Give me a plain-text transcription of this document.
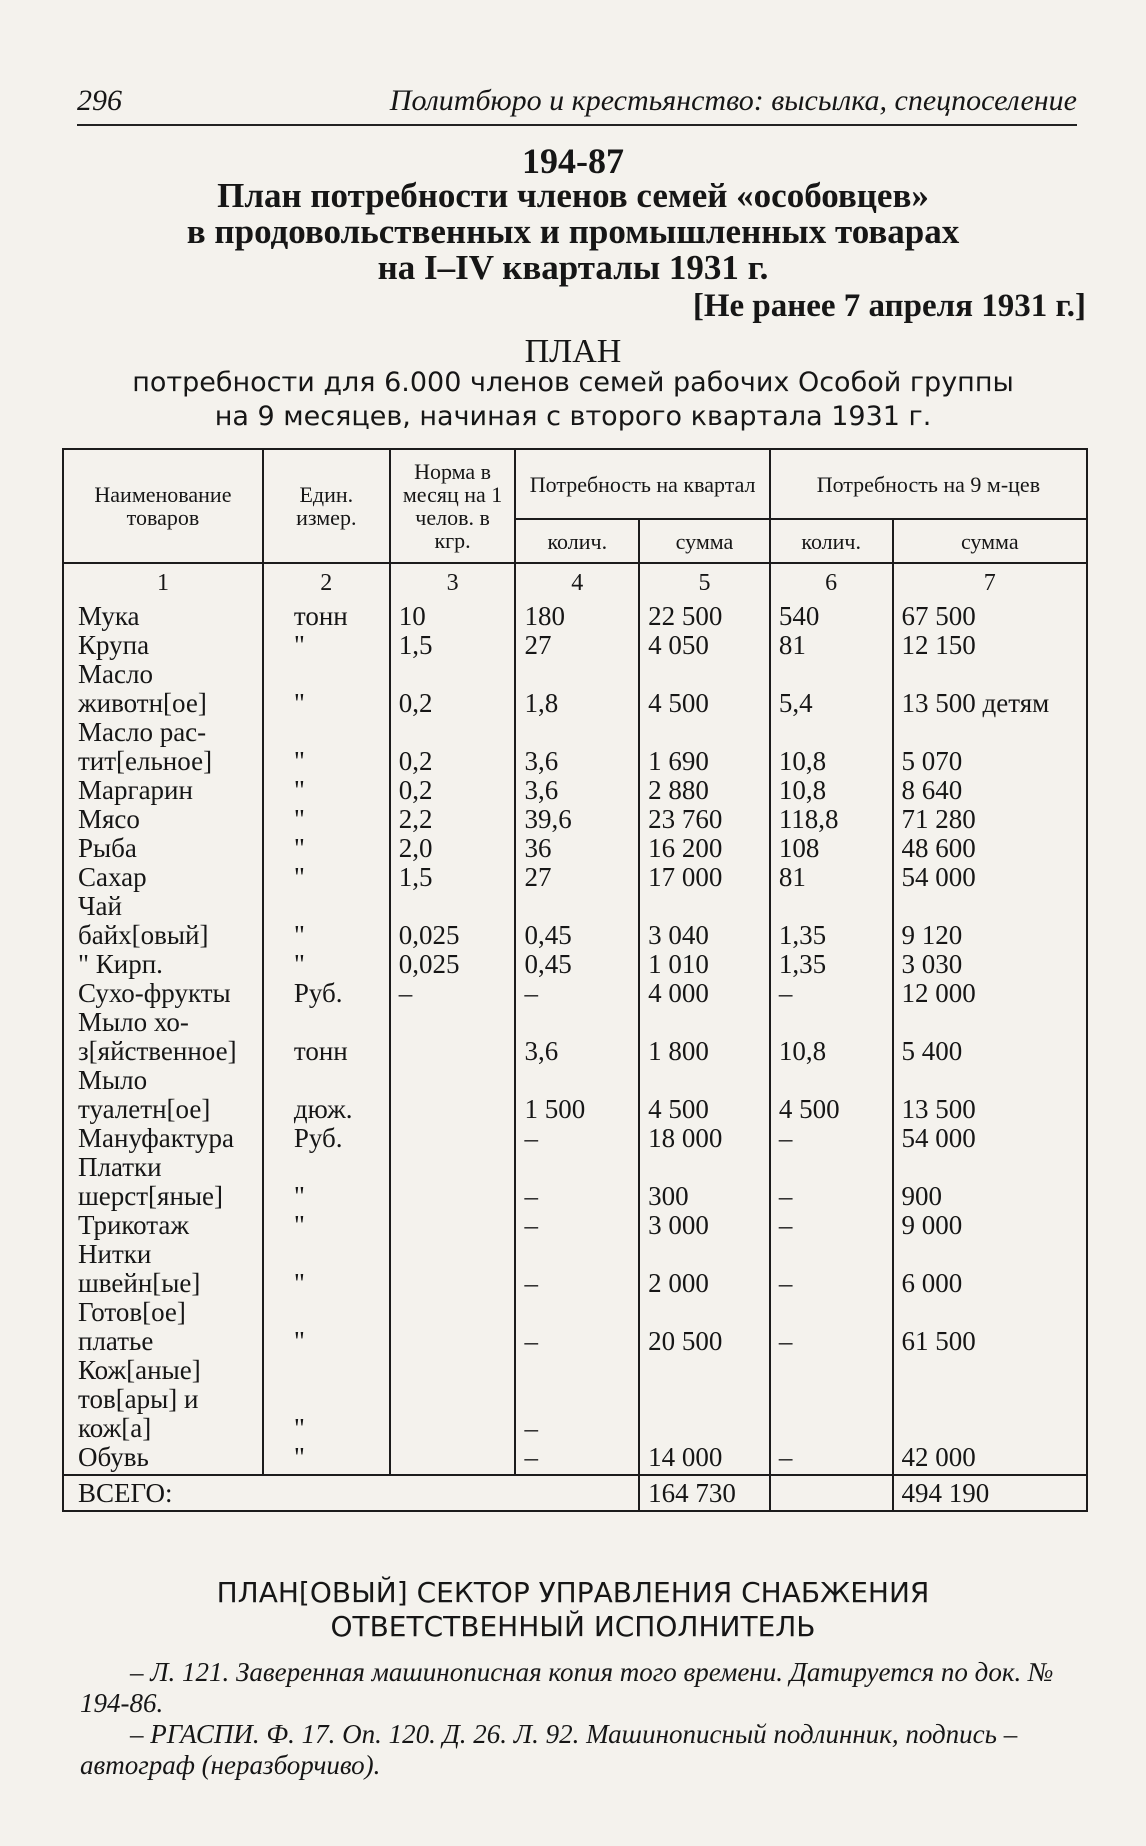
296	Политбюро и крестьянство: высылка, спецпоселение
194-87
План потребности членов семей «особовцев»
в продовольственных и промышленных товарах
на I–IV кварталы 1931 г.
[Не ранее 7 апреля 1931 г.]
ПЛАН
потребности для 6.000 членов семей рабочих Особой группы
на 9 месяцев, начиная с второго квартала 1931 г.
Наименование товаров	Един. измер.	Норма в месяц на 1 челов. в кгр.	Потребность на квартал		Потребность на 9 м-цев	
			колич.	сумма	колич.	сумма
1	2	3	4	5	6	7
Мука	тонн	10	180	22 500	540	67 500
Крупа	"	1,5	27	4 050	81	12 150
Масло животн[ое]	"	0,2	1,8	4 500	5,4	13 500 детям
Масло рас-тит[ельное]	"	0,2	3,6	1 690	10,8	5 070
Маргарин	"	0,2	3,6	2 880	10,8	8 640
Мясо	"	2,2	39,6	23 760	118,8	71 280
Рыба	"	2,0	36	16 200	108	48 600
Сахар	"	1,5	27	17 000	81	54 000
Чай байх[овый]	"	0,025	0,45	3 040	1,35	9 120
" Кирп.	"	0,025	0,45	1 010	1,35	3 030
Сухо-фрукты	Руб.	–	–	4 000	–	12 000
Мыло хо-з[яйственное]	тонн		3,6	1 800	10,8	5 400
Мыло туалетн[ое]	дюж.		1 500	4 500	4 500	13 500
Мануфактура	Руб.		–	18 000	–	54 000
Платки шерст[яные]	"		–	300	–	900
Трикотаж	"		–	3 000	–	9 000
Нитки швейн[ые]	"		–	2 000	–	6 000
Готов[ое] платье	"		–	20 500	–	61 500
Кож[аные] тов[ары] и кож[а]	"		–			
Обувь	"		–	14 000	–	42 000
ВСЕГО:				164 730		494 190
ПЛАН[ОВЫЙ] СЕКТОР УПРАВЛЕНИЯ СНАБЖЕНИЯ
ОТВЕТСТВЕННЫЙ ИСПОЛНИТЕЛЬ

– Л. 121. Заверенная машинописная копия того времени. Датируется по док. № 194-86.

– РГАСПИ. Ф. 17. Оп. 120. Д. 26. Л. 92. Машинописный подлинник, подпись – автограф (неразборчиво).
